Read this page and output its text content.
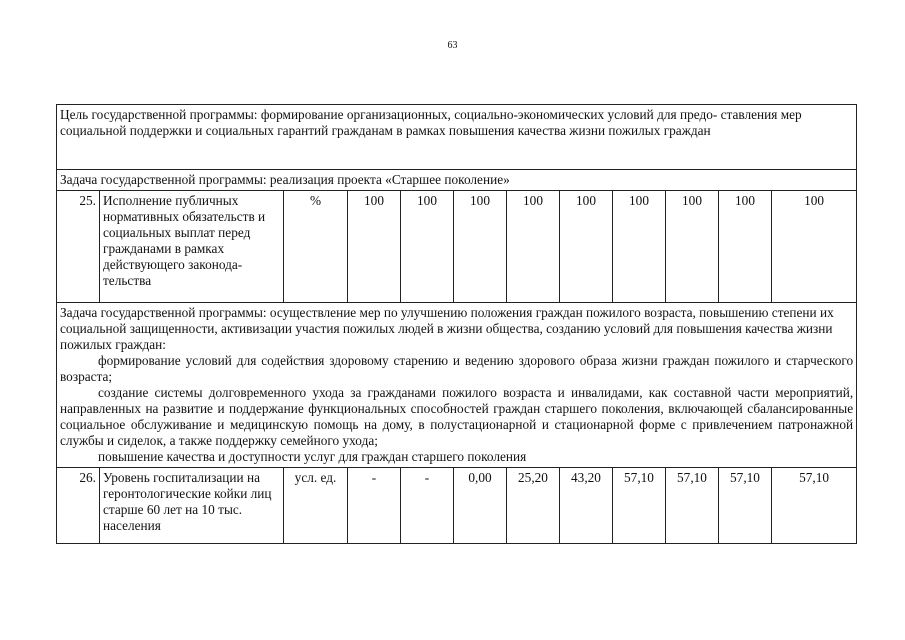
63
Цель государственной программы: формирование организационных, социально-экономических условий для предо- ставления мер социальной поддержки и социальных гарантий гражданам в рамках повышения качества жизни пожилых граждан											
Задача государственной программы: реализация проекта «Старшее поколение»											
25.	Исполнение публичных нормативных обязательств и социальных выплат перед гражданами в рамках действующего законода- тельства	%	100	100	100	100	100	100	100	100	100

Задача государственной программы: осуществление мер по улучшению положения граждан пожилого возраста, повышению степени их социальной защищенности, активизации участия пожилых людей в жизни общества, созданию условий для повышения качества жизни пожилых граждан:

формирование условий для содействия здоровому старению и ведению здорового образа жизни граждан пожилого и старческого возраста;

создание системы долговременного ухода за гражданами пожилого возраста и инвалидами, как составной части мероприятий, направленных на развитие и поддержание функциональных способностей граждан старшего поколения, включающей сбалансированные социальное обслуживание и медицинскую помощь на дому, в полустационарной и стационарной форме с привлечением патронажной службы и сиделок, а также поддержку семейного ухода;

повышение качества и доступности услуг для граждан старшего поколения											

26.	Уровень госпитализации на геронтологические койки лиц старше 60 лет на 10 тыс. населения	усл. ед.	-	-	0,00	25,20	43,20	57,10	57,10	57,10	57,10
